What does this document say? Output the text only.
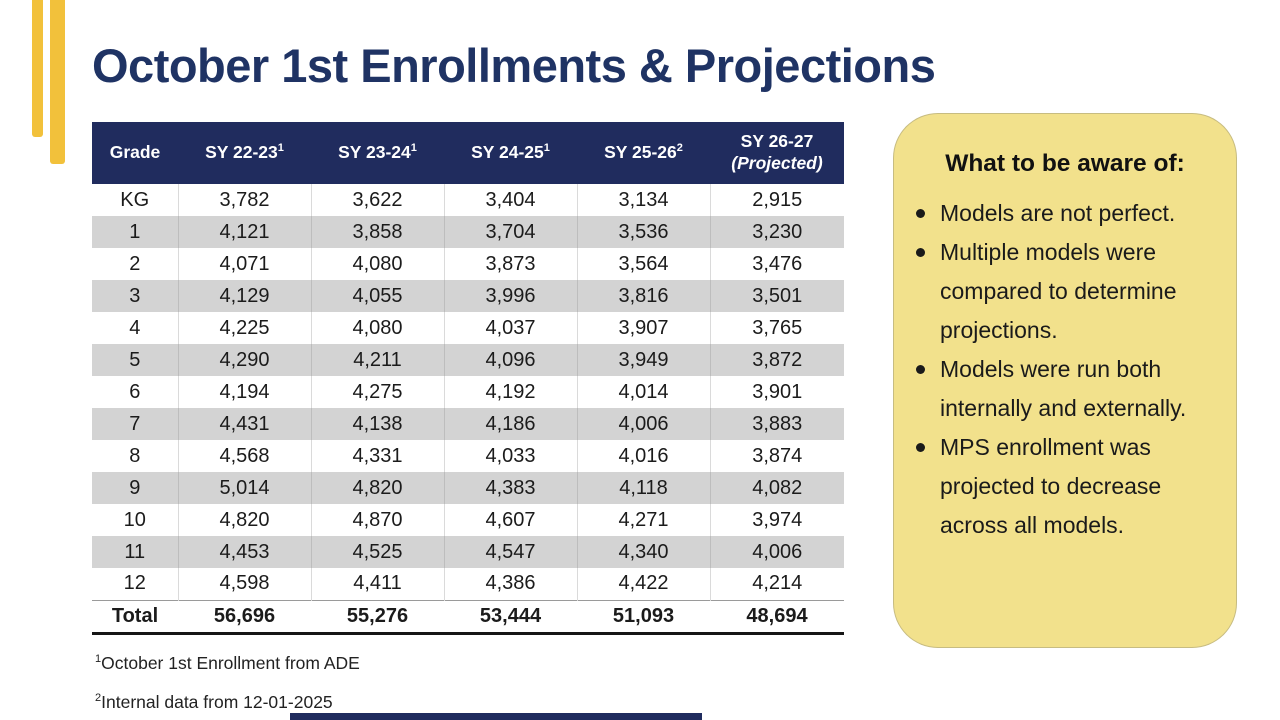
October 1st Enrollments & Projections
Grade	SY $22-23^1$	SY $23-24^1$	SY $24-25^1$	SY $25-26^2$	SY 26-27
(Projected)

KG	3,782	3,622	3,404	3,134	2,915
1	4,121	3,858	3,704	3,536	3,230
2	4,071	4,080	3,873	3,564	3,476
3	4,129	4,055	3,996	3,816	3,501
4	4,225	4,080	4,037	3,907	3,765
5	4,290	4,211	4,096	3,949	3,872
6	4,194	4,275	4,192	4,014	3,901
7	4,431	4,138	4,186	4,006	3,883
8	4,568	4,331	4,033	4,016	3,874
9	5,014	4,820	4,383	4,118	4,082
10	4,820	4,870	4,607	4,271	3,974
11	4,453	4,525	4,547	4,340	4,006
12	4,598	4,411	4,386	4,422	4,214
Total	56,696	55,276	53,444	51,093	48,694
$^1$October 1st Enrollment from ADE
$^2$Internal data from 12-01-2025
What to be aware of:
Models are not perfect.
Multiple models were compared to determine projections.
Models were run both internally and externally.
MPS enrollment was projected to decrease across all models.
